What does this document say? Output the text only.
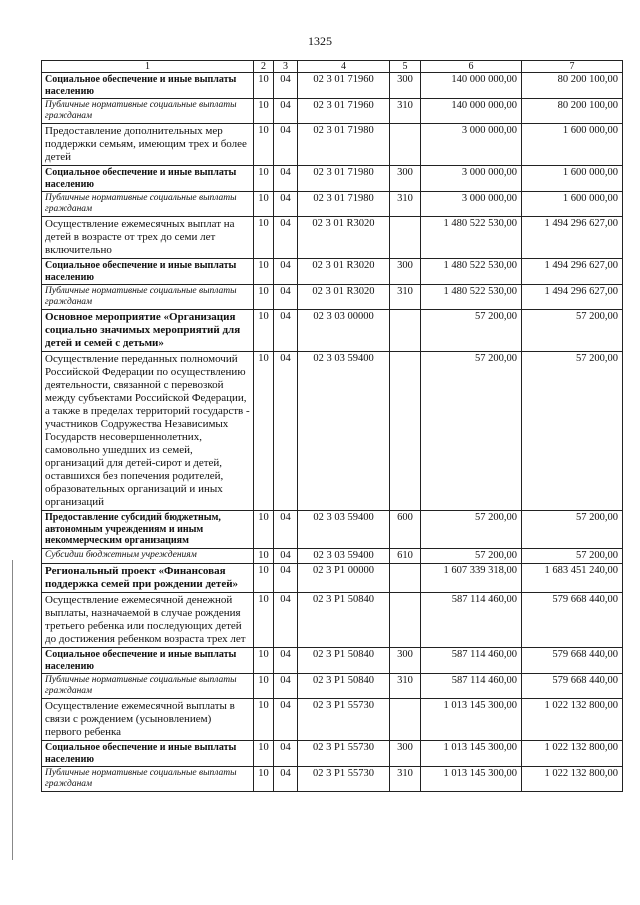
1325
1	2	3	4	5	6	7
Социальное обеспечение и иные выплаты населению	10	04	02 3 01 71960	300	140 000 000,00	80 200 100,00
Публичные нормативные социальные выплаты гражданам	10	04	02 3 01 71960	310	140 000 000,00	80 200 100,00
Предоставление дополнительных мер поддержки семьям, имеющим трех и более детей	10	04	02 3 01 71980		3 000 000,00	1 600 000,00
Социальное обеспечение и иные выплаты населению	10	04	02 3 01 71980	300	3 000 000,00	1 600 000,00
Публичные нормативные социальные выплаты гражданам	10	04	02 3 01 71980	310	3 000 000,00	1 600 000,00
Осуществление ежемесячных выплат на детей в возрасте от трех до семи лет включительно	10	04	02 3 01 R3020		1 480 522 530,00	1 494 296 627,00
Социальное обеспечение и иные выплаты населению	10	04	02 3 01 R3020	300	1 480 522 530,00	1 494 296 627,00
Публичные нормативные социальные выплаты гражданам	10	04	02 3 01 R3020	310	1 480 522 530,00	1 494 296 627,00
Основное мероприятие «Организация социально значимых мероприятий для детей и семей с детьми»	10	04	02 3 03 00000		57 200,00	57 200,00
Осуществление переданных полномочий Российской Федерации по осуществлению деятельности, связанной с перевозкой между субъектами Российской Федерации, а также в пределах территорий государств - участников Содружества Независимых Государств несовершеннолетних, самовольно ушедших из семей, организаций для детей-сирот и детей, оставшихся без попечения родителей, образовательных организаций и иных организаций	10	04	02 3 03 59400		57 200,00	57 200,00
Предоставление субсидий бюджетным, автономным учреждениям и иным некоммерческим организациям	10	04	02 3 03 59400	600	57 200,00	57 200,00
Субсидии бюджетным учреждениям	10	04	02 3 03 59400	610	57 200,00	57 200,00
Региональный проект «Финансовая поддержка семей при рождении детей»	10	04	02 3 P1 00000		1 607 339 318,00	1 683 451 240,00
Осуществление ежемесячной денежной выплаты, назначаемой в случае рождения третьего ребенка или последующих детей до достижения ребенком возраста трех лет	10	04	02 3 P1 50840		587 114 460,00	579 668 440,00
Социальное обеспечение и иные выплаты населению	10	04	02 3 P1 50840	300	587 114 460,00	579 668 440,00
Публичные нормативные социальные выплаты гражданам	10	04	02 3 P1 50840	310	587 114 460,00	579 668 440,00
Осуществление ежемесячной выплаты в связи с рождением (усыновлением) первого ребенка	10	04	02 3 P1 55730		1 013 145 300,00	1 022 132 800,00
Социальное обеспечение и иные выплаты населению	10	04	02 3 P1 55730	300	1 013 145 300,00	1 022 132 800,00
Публичные нормативные социальные выплаты гражданам	10	04	02 3 P1 55730	310	1 013 145 300,00	1 022 132 800,00
